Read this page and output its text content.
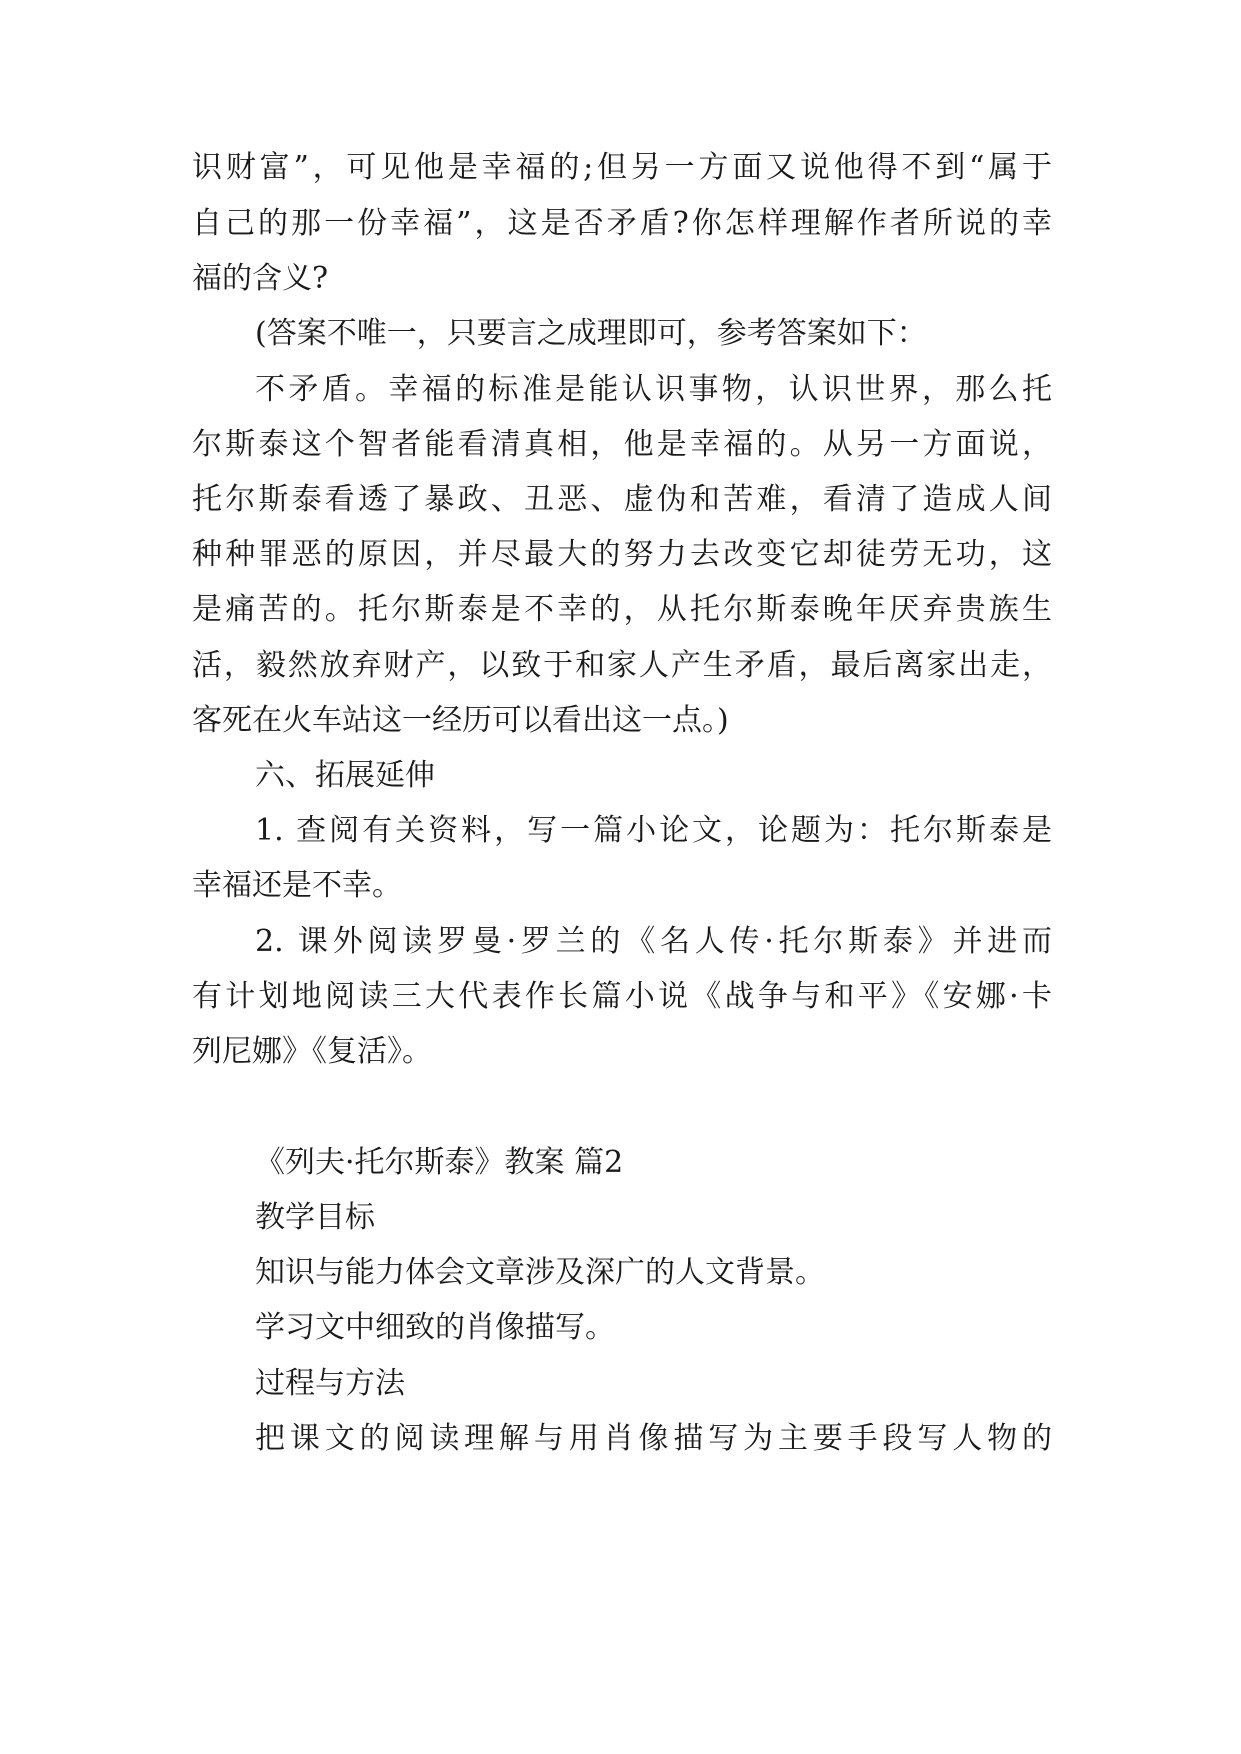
识财富”，可见他是幸福的;但另一方面又说他得不到“属于
自己的那一份幸福”，这是否矛盾?你怎样理解作者所说的幸
福的含义?
(答案不唯一，只要言之成理即可，参考答案如下：
不矛盾。幸福的标准是能认识事物，认识世界，那么托
尔斯泰这个智者能看清真相，他是幸福的。从另一方面说，
托尔斯泰看透了暴政、丑恶、虚伪和苦难，看清了造成人间
种种罪恶的原因，并尽最大的努力去改变它却徒劳无功，这
是痛苦的。托尔斯泰是不幸的，从托尔斯泰晚年厌弃贵族生
活，毅然放弃财产，以致于和家人产生矛盾，最后离家出走，
客死在火车站这一经历可以看出这一点。)
六、拓展延伸
1. 查阅有关资料，写一篇小论文，论题为：托尔斯泰是
幸福还是不幸。
2. 课外阅读罗曼·罗兰的《名人传·托尔斯泰》并进而
有计划地阅读三大代表作长篇小说《战争与和平》《安娜·卡
列尼娜》《复活》。
《列夫·托尔斯泰》教案 篇2
教学目标
知识与能力体会文章涉及深广的人文背景。
学习文中细致的肖像描写。
过程与方法
把课文的阅读理解与用肖像描写为主要手段写人物的
